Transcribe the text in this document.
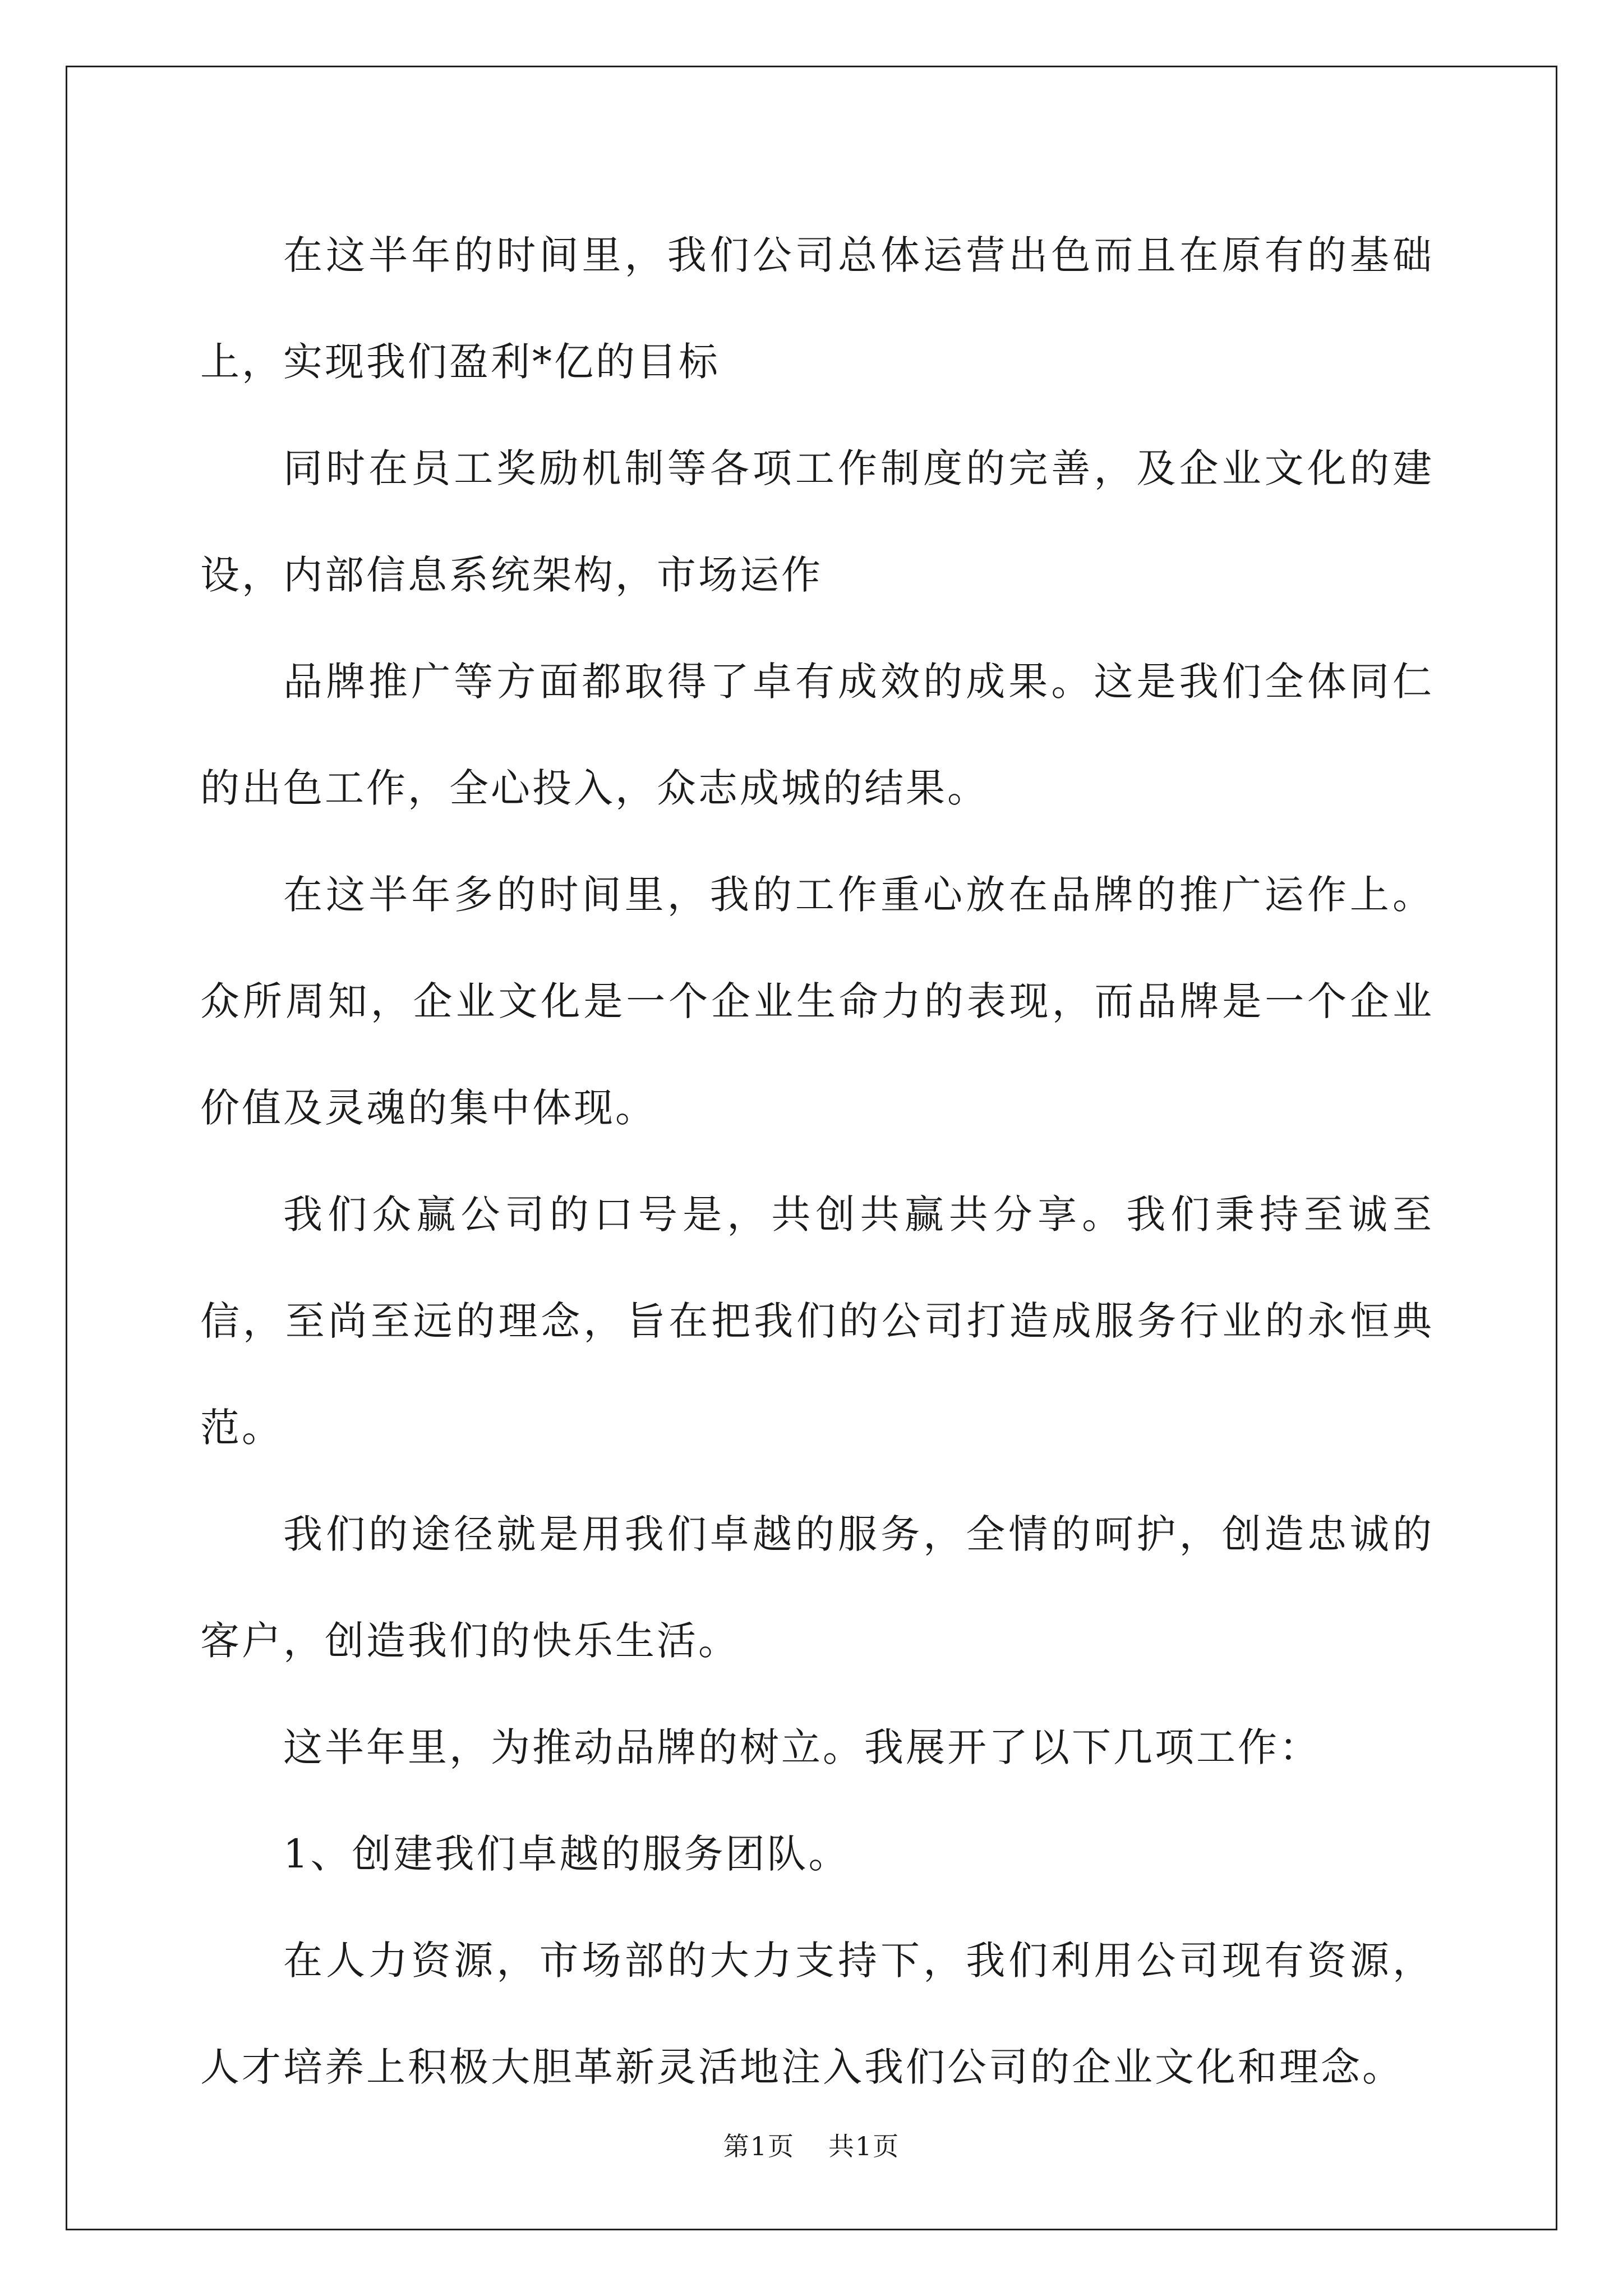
在这半年的时间里，我们公司总体运营出色而且在原有的基础上，实现我们盈利*亿的目标

同时在员工奖励机制等各项工作制度的完善，及企业文化的建设，内部信息系统架构，市场运作

品牌推广等方面都取得了卓有成效的成果。这是我们全体同仁的出色工作，全心投入，众志成城的结果。

在这半年多的时间里，我的工作重心放在品牌的推广运作上。众所周知，企业文化是一个企业生命力的表现，而品牌是一个企业价值及灵魂的集中体现。

我们众赢公司的口号是，共创共赢共分享。我们秉持至诚至信，至尚至远的理念，旨在把我们的公司打造成服务行业的永恒典范。

我们的途径就是用我们卓越的服务，全情的呵护，创造忠诚的客户，创造我们的快乐生活。

这半年里，为推动品牌的树立。我展开了以下几项工作：

1、创建我们卓越的服务团队。

在人力资源，市场部的大力支持下，我们利用公司现有资源，人才培养上积极大胆革新灵活地注入我们公司的企业文化和理念。

第1页 共1页
